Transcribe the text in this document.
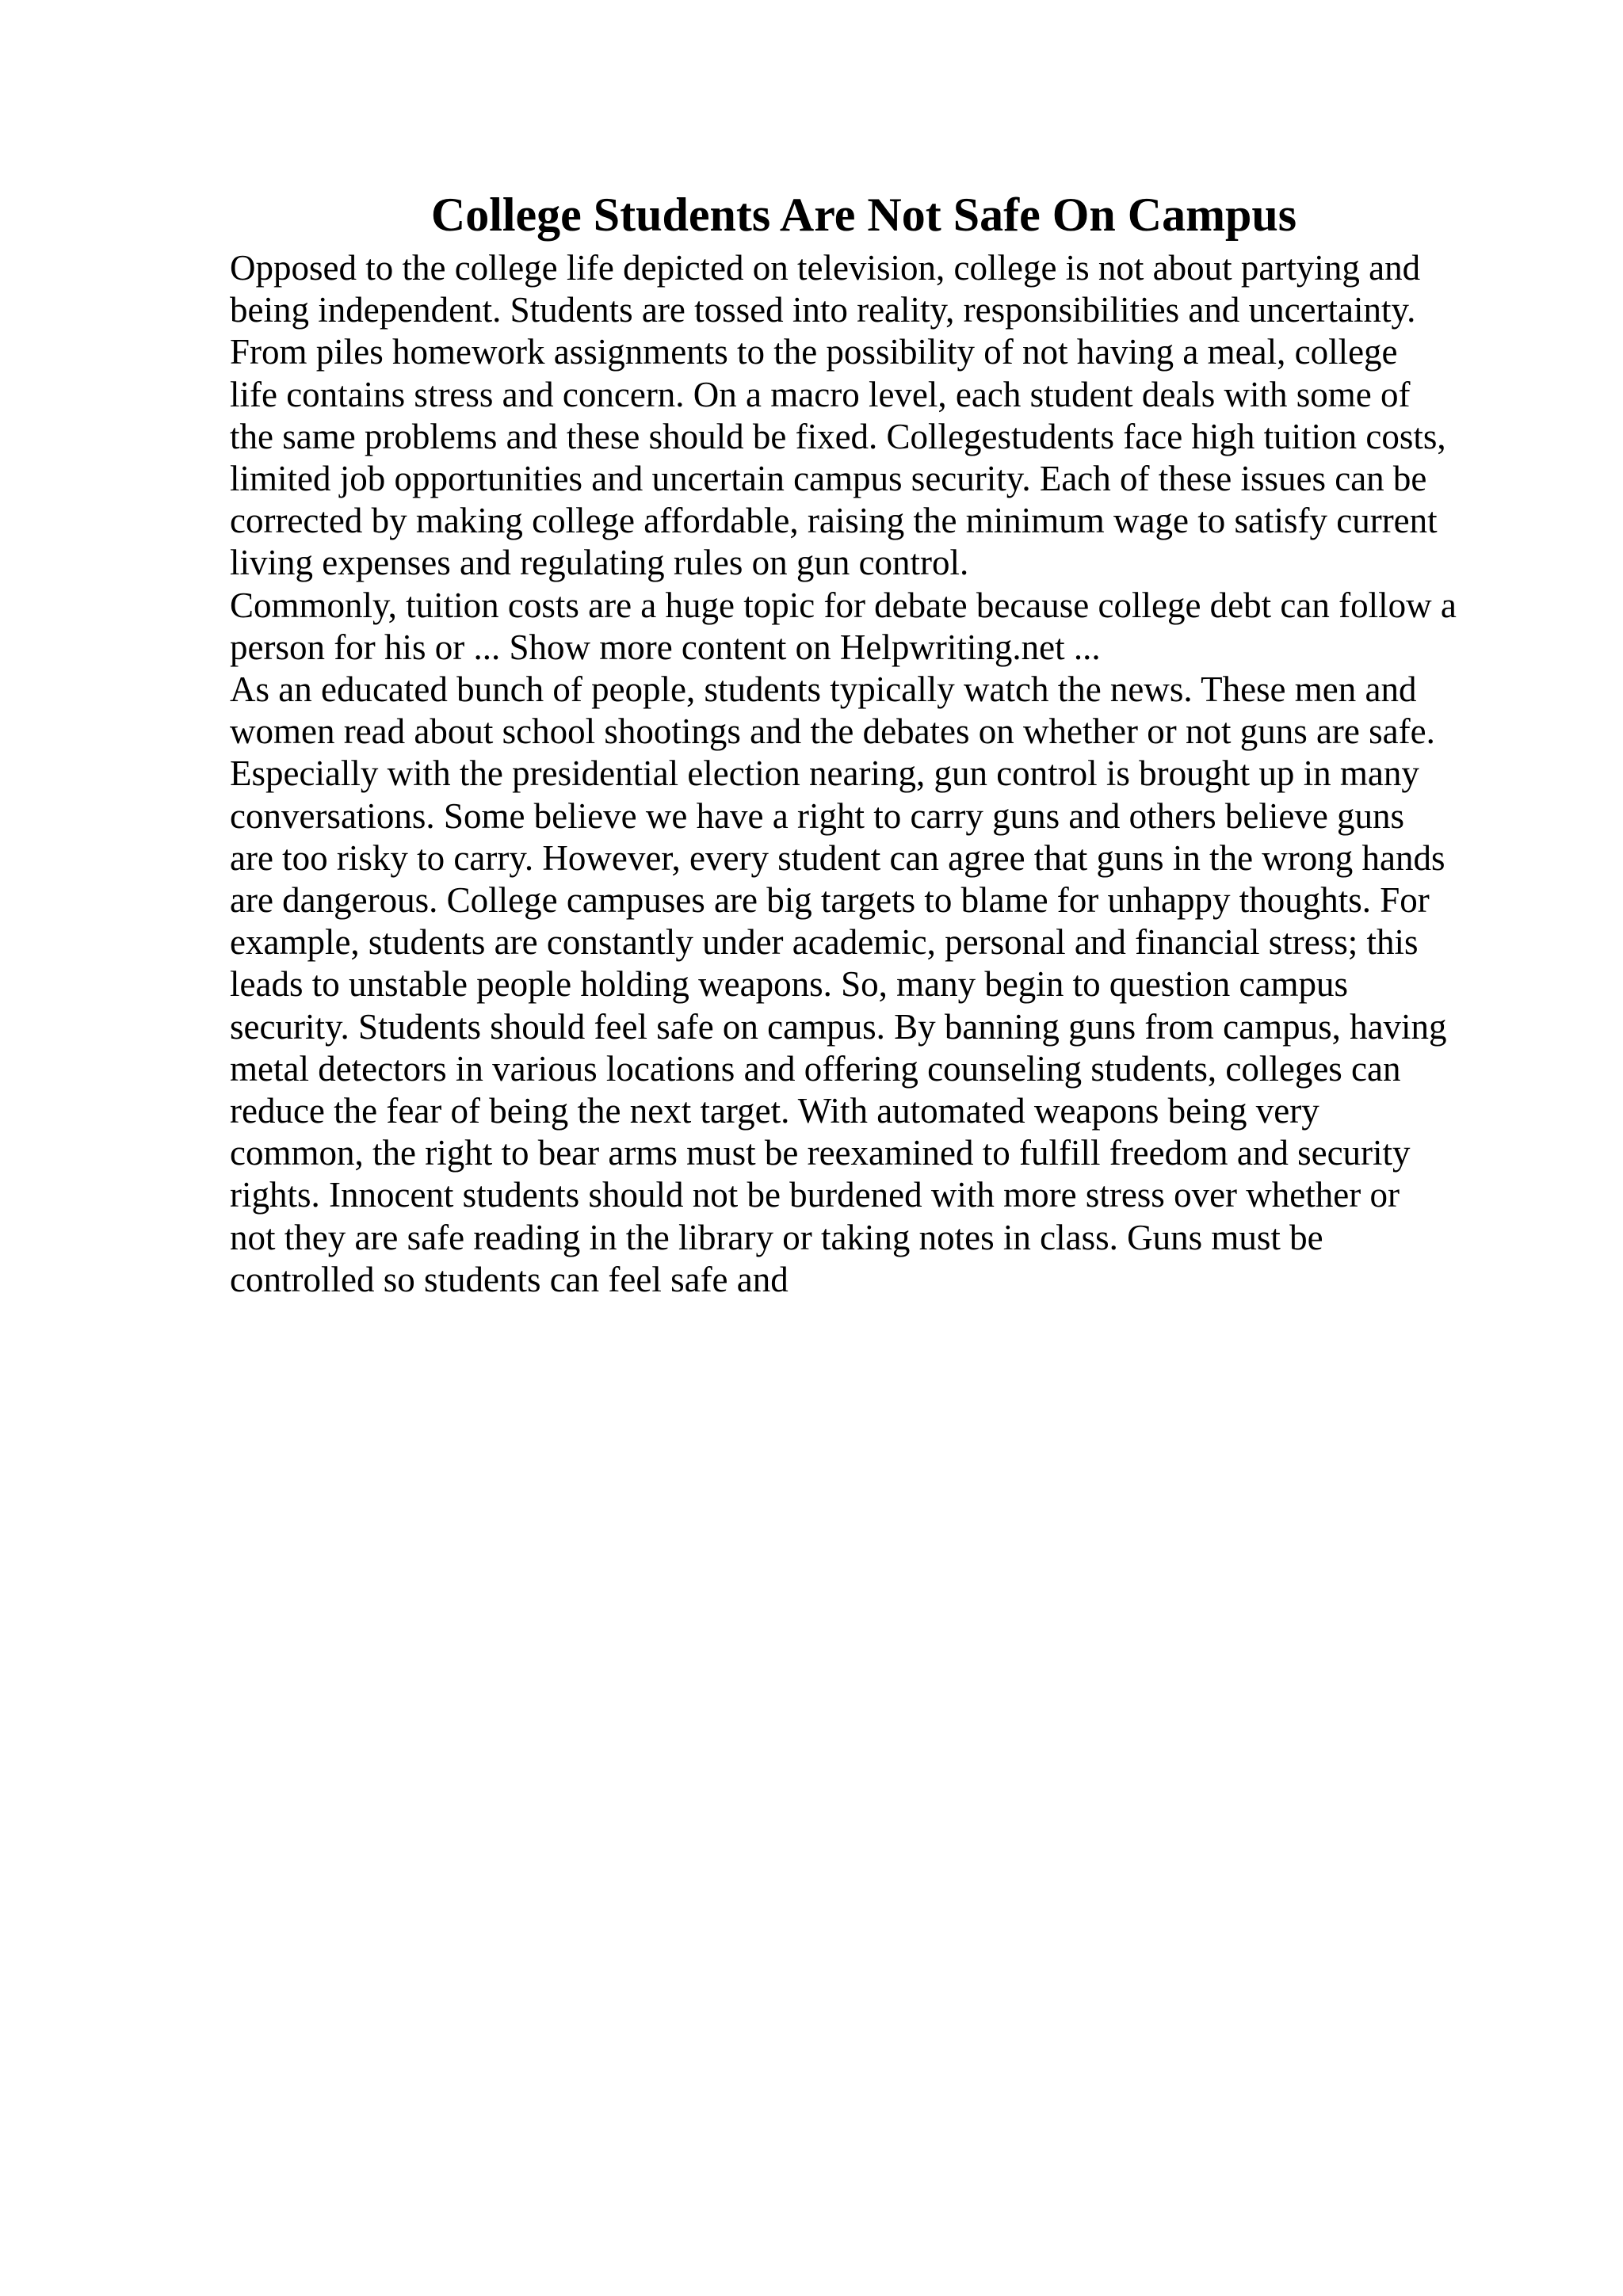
College Students Are Not Safe On Campus
Opposed to the college life depicted on television, college is not about partying and
being independent. Students are tossed into reality, responsibilities and uncertainty.
From piles homework assignments to the possibility of not having a meal, college
life contains stress and concern. On a macro level, each student deals with some of
the same problems and these should be fixed. Collegestudents face high tuition costs,
limited job opportunities and uncertain campus security. Each of these issues can be
corrected by making college affordable, raising the minimum wage to satisfy current
living expenses and regulating rules on gun control.
Commonly, tuition costs are a huge topic for debate because college debt can follow a
person for his or ... Show more content on Helpwriting.net ...
As an educated bunch of people, students typically watch the news. These men and
women read about school shootings and the debates on whether or not guns are safe.
Especially with the presidential election nearing, gun control is brought up in many
conversations. Some believe we have a right to carry guns and others believe guns
are too risky to carry. However, every student can agree that guns in the wrong hands
are dangerous. College campuses are big targets to blame for unhappy thoughts. For
example, students are constantly under academic, personal and financial stress; this
leads to unstable people holding weapons. So, many begin to question campus
security. Students should feel safe on campus. By banning guns from campus, having
metal detectors in various locations and offering counseling students, colleges can
reduce the fear of being the next target. With automated weapons being very
common, the right to bear arms must be reexamined to fulfill freedom and security
rights. Innocent students should not be burdened with more stress over whether or
not they are safe reading in the library or taking notes in class. Guns must be
controlled so students can feel safe and
